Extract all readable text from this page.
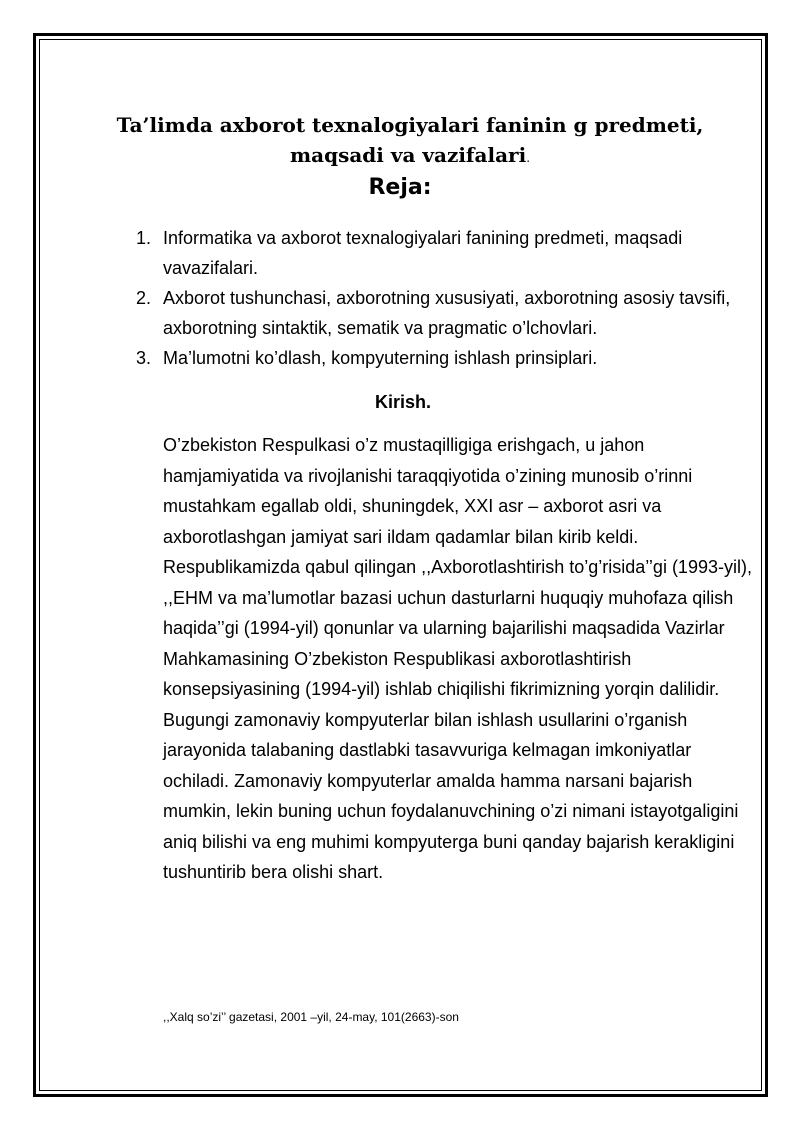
Ta’limda axborot texnalogiyalari faninin g predmeti, maqsadi va vazifalari.
Reja:
1. Informatika va axborot texnalogiyalari fanining predmeti, maqsadi vavazifalari.
2. Axborot tushunchasi, axborotning xususiyati, axborotning asosiy tavsifi, axborotning sintaktik, sematik va pragmatic o’lchovlari.
3. Ma’lumotni ko’dlash, kompyuterning ishlash prinsiplari.
Kirish.

O’zbekiston Respulkasi o’z mustaqilligiga erishgach, u jahon hamjamiyatida va rivojlanishi taraqqiyotida o’zining munosib o’rinni mustahkam egallab oldi, shuningdek, XXI asr – axborot asri va axborotlashgan jamiyat sari ildam qadamlar bilan kirib keldi. Respublikamizda qabul qilingan ,,Axborotlashtirish to’g’risida’’gi (1993-yil), ,,EHM va ma’lumotlar bazasi uchun dasturlarni huquqiy muhofaza qilish haqida’’gi (1994-yil) qonunlar va ularning bajarilishi maqsadida Vazirlar Mahkamasining O’zbekiston Respublikasi axborotlashtirish konsepsiyasining (1994-yil) ishlab chiqilishi fikrimizning yorqin dalilidir.

Bugungi zamonaviy kompyuterlar bilan ishlash usullarini o’rganish jarayonida talabaning dastlabki tasavvuriga kelmagan imkoniyatlar ochiladi. Zamonaviy kompyuterlar amalda hamma narsani bajarish mumkin, lekin buning uchun foydalanuvchining o’zi nimani istayotgaligini aniq bilishi va eng muhimi kompyuterga buni qanday bajarish kerakligini tushuntirib bera olishi shart.

,,Xalq so’zi’’ gazetasi, 2001 –yil, 24-may, 101(2663)-son
